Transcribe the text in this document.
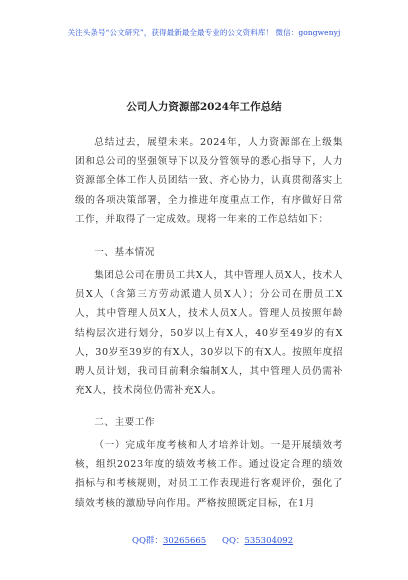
关注头条号“公文研究”，获得最新最全最专业的公文资料库！ 微信：gongwenyj
公司人力资源部2024年工作总结
总结过去，展望未来。2024年，人力资源部在上级集团和总公司的坚强领导下以及分管领导的悉心指导下，人力资源部全体工作人员团结一致、齐心协力，认真贯彻落实上级的各项决策部署，全力推进年度重点工作，有序做好日常工作，并取得了一定成效。现将一年来的工作总结如下：
一、基本情况
集团总公司在册员工共X人，其中管理人员X人，技术人员X人（含第三方劳动派遣人员X人）；分公司在册员工X人，其中管理人员X人，技术人员X人。管理人员按照年龄结构层次进行划分，50岁以上有X人，40岁至49岁的有X人，30岁至39岁的有X人，30岁以下的有X人。按照年度招聘人员计划，我司目前剩余编制X人，其中管理人员仍需补充X人，技术岗位仍需补充X人。
二、主要工作
（一）完成年度考核和人才培养计划。一是开展绩效考核，组织2023年度的绩效考核工作。通过设定合理的绩效指标与和考核规则，对员工工作表现进行客观评价，强化了绩效考核的激励导向作用。严格按照既定目标，在1月
QQ群：30265665 QQ：535304092
